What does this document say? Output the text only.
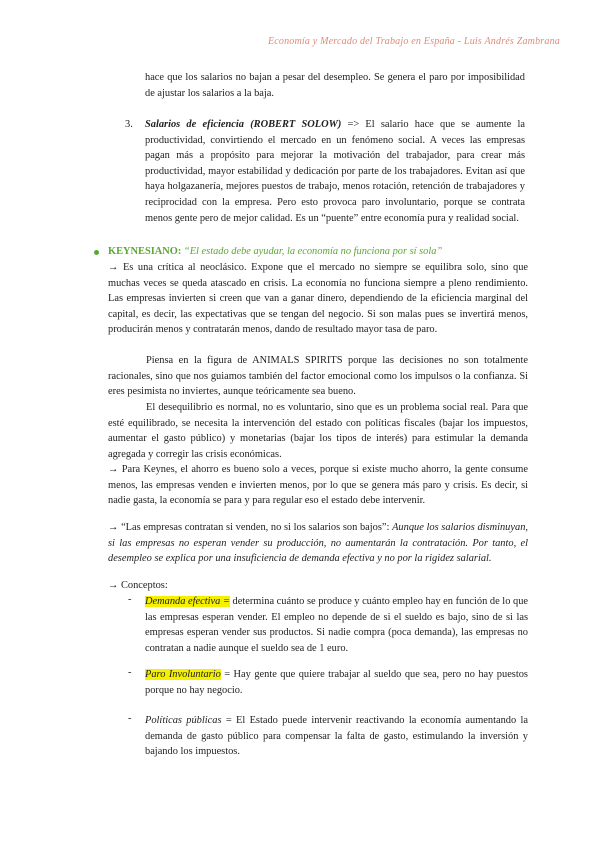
Economía y Mercado del Trabajo en España - Luis Andrés Zambrana
hace que los salarios no bajan a pesar del desempleo. Se genera el paro por imposibilidad de ajustar los salarios a la baja.
3.	Salarios de eficiencia (ROBERT SOLOW) => El salario hace que se aumente la productividad, convirtiendo el mercado en un fenómeno social. A veces las empresas pagan más a propósito para mejorar la motivación del trabajador, para crear más productividad, mayor estabilidad y dedicación por parte de los trabajadores. Evitan así que haya holgazanería, mejores puestos de trabajo, menos rotación, retención de trabajadores y reciprocidad con la empresa. Pero esto provoca paro involuntario, porque se contrata menos gente pero de mejor calidad. Es un “puente” entre economía pura y realidad social.
KEYNESIANO: “El estado debe ayudar, la economía no funciona por sí sola”
→ Es una crítica al neoclásico. Expone que el mercado no siempre se equilibra solo, sino que muchas veces se queda atascado en crisis. La economía no funciona siempre a pleno rendimiento. Las empresas invierten si creen que van a ganar dinero, dependiendo de la eficiencia marginal del capital, es decir, las expectativas que se tengan del negocio. Si son malas pues se invertirá menos, producirán menos y contratarán menos, dando de resultado mayor tasa de paro.
Piensa en la figura de ANIMALS SPIRITS porque las decisiones no son totalmente racionales, sino que nos guiamos también del factor emocional como los impulsos o la confianza. Si eres pesimista no inviertes, aunque teóricamente sea bueno.
El desequilibrio es normal, no es voluntario, sino que es un problema social real. Para que esté equilibrado, se necesita la intervención del estado con políticas fiscales (bajar los impuestos, aumentar el gasto público) y monetarias (bajar los tipos de interés) para estimular la demanda agregada y corregir las crisis económicas.
→ Para Keynes, el ahorro es bueno solo a veces, porque si existe mucho ahorro, la gente consume menos, las empresas venden e invierten menos, por lo que se genera más paro y crisis. Es decir, si nadie gasta, la economía se para y para regular eso el estado debe intervenir.
→ “Las empresas contratan si venden, no si los salarios son bajos”: Aunque los salarios disminuyan, si las empresas no esperan vender su producción, no aumentarán la contratación. Por tanto, el desempleo se explica por una insuficiencia de demanda efectiva y no por la rigidez salarial.
→ Conceptos:
- Demanda efectiva = determina cuánto se produce y cuánto empleo hay en función de lo que las empresas esperan vender. El empleo no depende de si el sueldo es bajo, sino de si las empresas esperan vender sus productos. Si nadie compra (poca demanda), las empresas no contratan a nadie aunque el sueldo sea de 1 euro.
- Paro Involuntario = Hay gente que quiere trabajar al sueldo que sea, pero no hay puestos porque no hay negocio.
- Políticas públicas = El Estado puede intervenir reactivando la economía aumentando la demanda de gasto público para compensar la falta de gasto, estimulando la inversión y bajando los impuestos.
